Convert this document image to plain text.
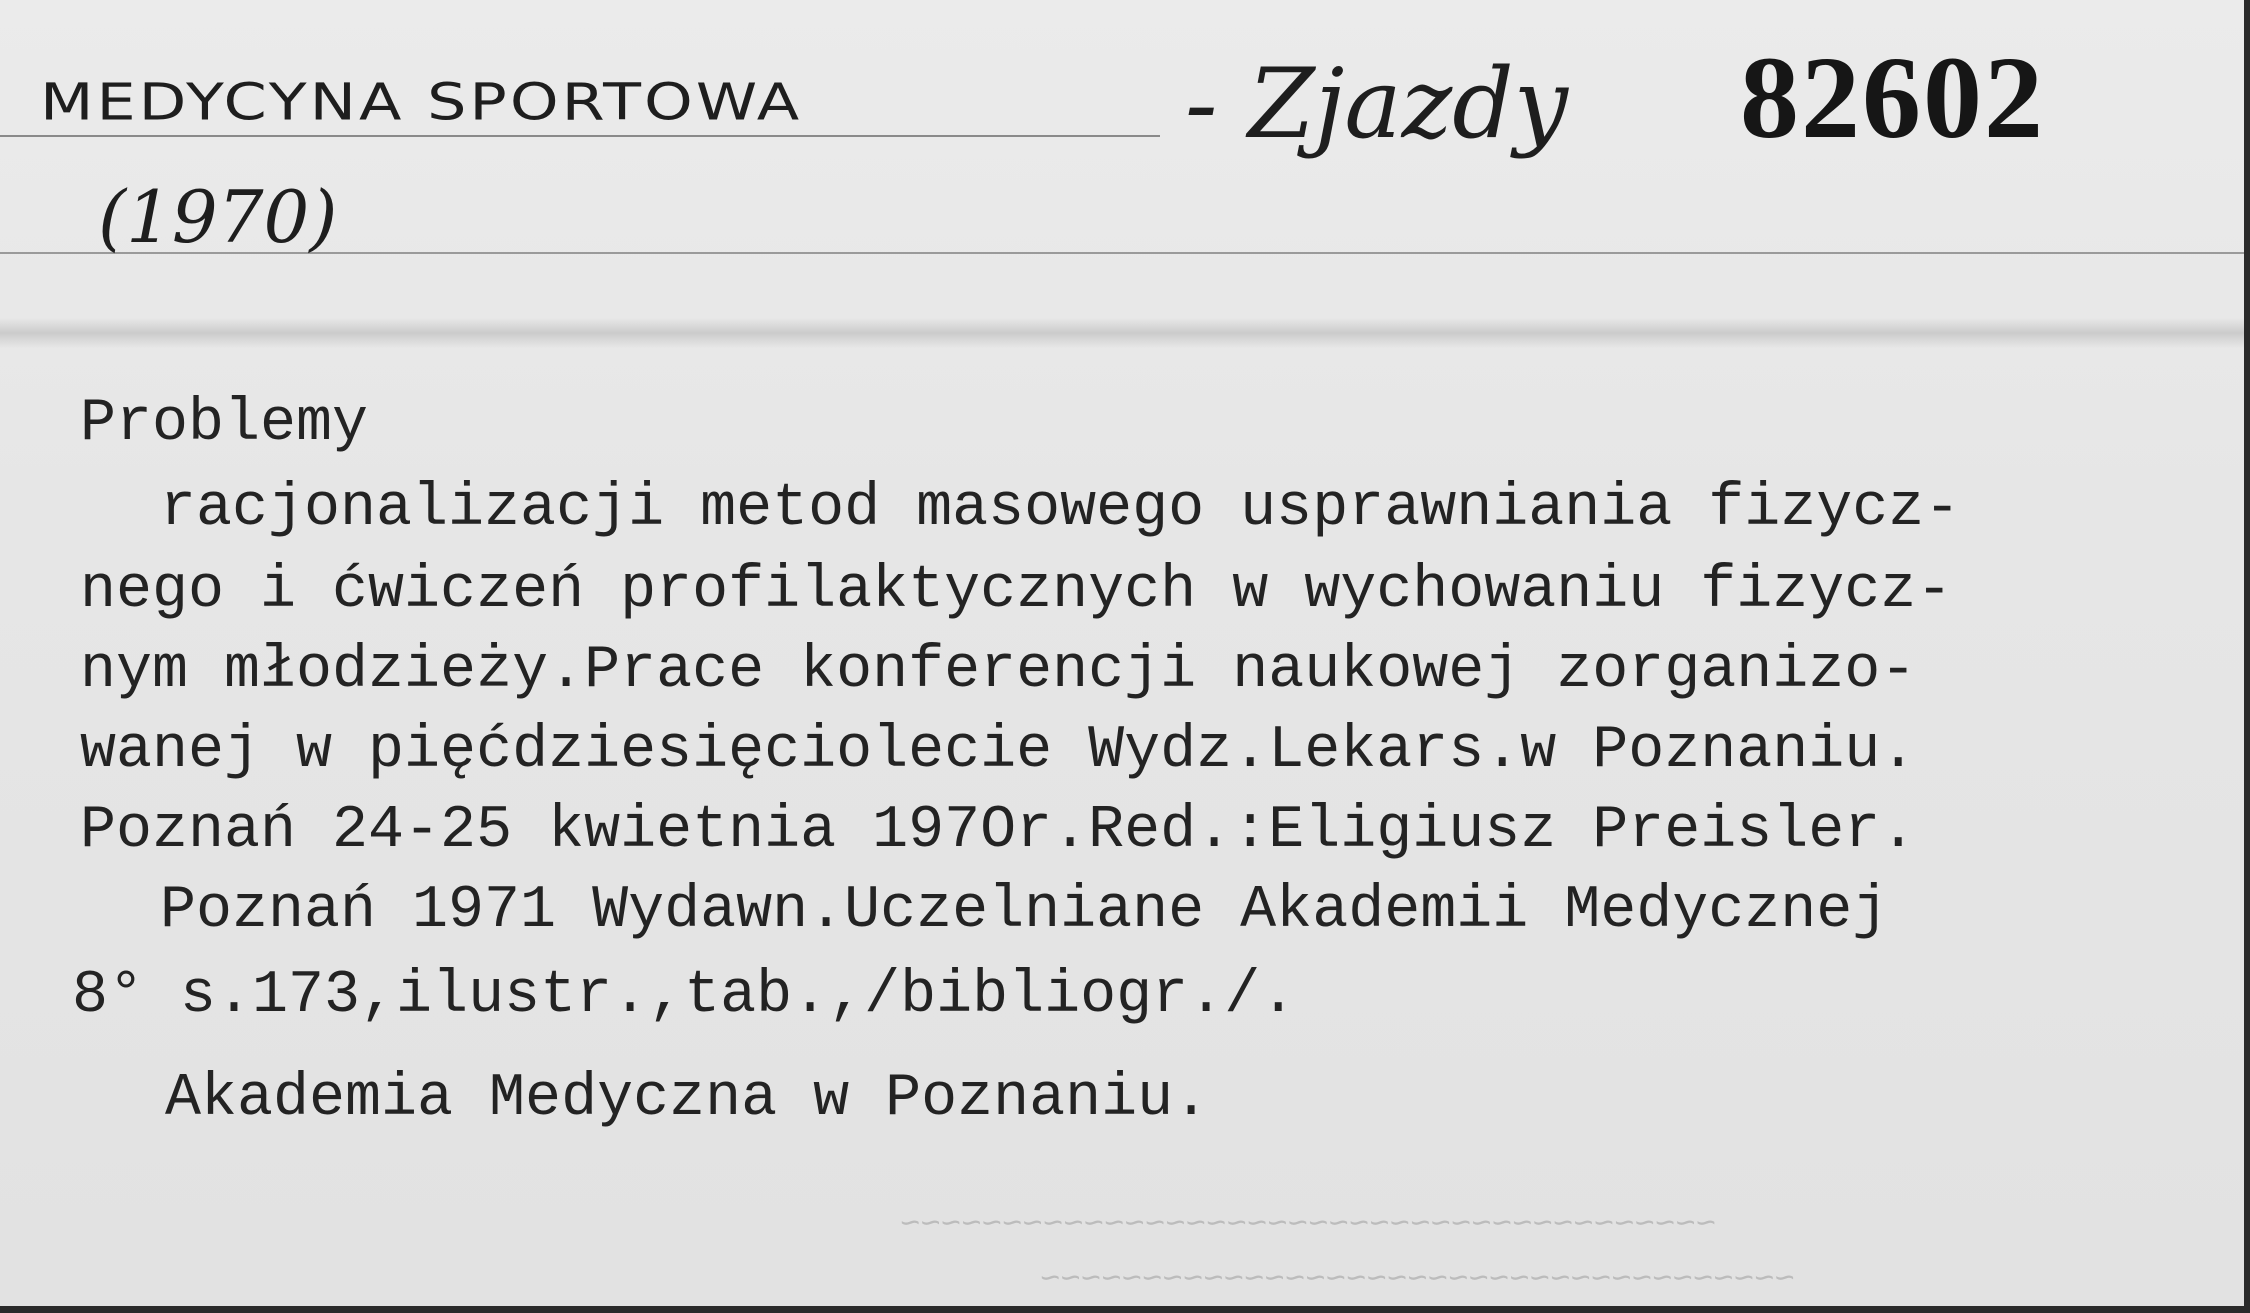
MEDYCYNA SPORTOWA	- Zjazdy
(1970)
82602
Problemy
racjonalizacji metod masowego usprawniania fizycz-
nego i ćwiczeń profilaktycznych w wychowaniu fizycz-
nym młodzieży.Prace konferencji naukowej zorganizo-
wanej w pięćdziesięciolecie Wydz.Lekars.w Poznaniu.
Poznań 24-25 kwietnia 197Or.Red.:Eligiusz Preisler.
Poznań 1971 Wydawn.Uczelniane Akademii Medycznej
8° s.173,ilustr.,tab.,/bibliogr./.
Akademia Medyczna w Poznaniu.
~~~~~~~~~~~~~~~~~~~~~~~~~~~~~~~~~~~~~~~~
~~~~~~~~~~~~~~~~~~~~~~~~~~~~~~~~~~~~~
